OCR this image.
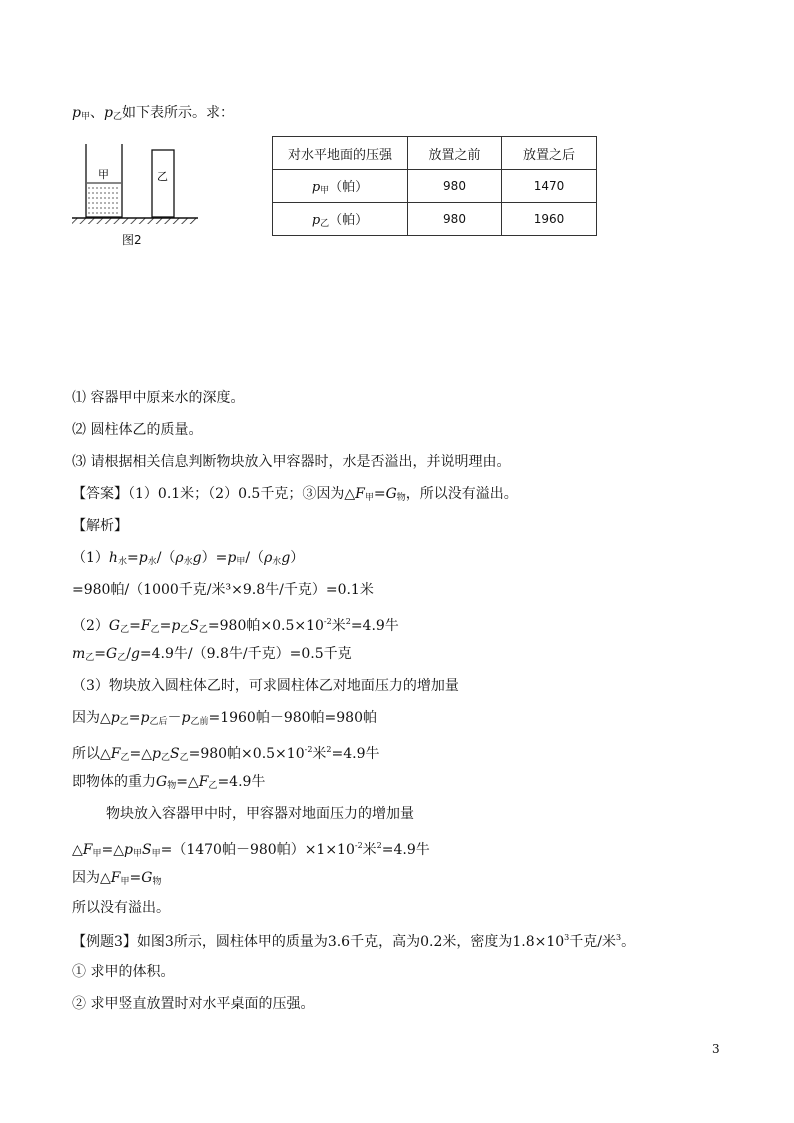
$p_甲$、$p_乙$如下表所示。求：
甲	乙
图2
对水平地面的压强	放置之前	放置之后
$p_甲$（帕）	980	1470
$p_乙$（帕）	980	1960
⑴ 容器甲中原来水的深度。
⑵ 圆柱体乙的质量。
⑶ 请根据相关信息判断物块放入甲容器时，水是否溢出，并说明理由。
【答案】（1）0.1米；（2）0.5千克；③因为$\triangle F_甲=G_物$，所以没有溢出。
【解析】
$(1)h_水=p_水/(\rho_水g)=p_甲/(\rho_水g)$
=980帕/（1000千克/米³×9.8牛/千克）=0.1米
$(2)G_乙=F_乙=p_乙S_乙=980$帕$\times 0.5\times 10^{-2}$米$^2$=4.9牛
$m_乙=G_乙/g=4.9$牛/（9.8牛/千克）=0.5千克
（3）物块放入圆柱体乙时，可求圆柱体乙对地面压力的增加量
因为$\triangle p_乙=p_{乙后}-p_{乙前}=1960$帕－980帕=980帕
所以$\triangle F_乙=\triangle p_乙S_乙=980$帕$\times 0.5\times 10^{-2}$米$^2$=4.9牛
即物体的重力$G_物=\triangle F_乙=4.9$牛
物块放入容器甲中时，甲容器对地面压力的增加量
$\triangle F_甲=\triangle p_甲S_甲=(1470$帕－980帕）$\times 1\times 10^{-2}$米$^2$=4.9牛
因为$\triangle F_甲=G_物$
所以没有溢出。
【例题3】如图3所示，圆柱体甲的质量为3.6千克，高为0.2米，密度为$1.8\times 10^3$千克/米$^3$。
① 求甲的体积。
② 求甲竖直放置时对水平桌面的压强。
3
